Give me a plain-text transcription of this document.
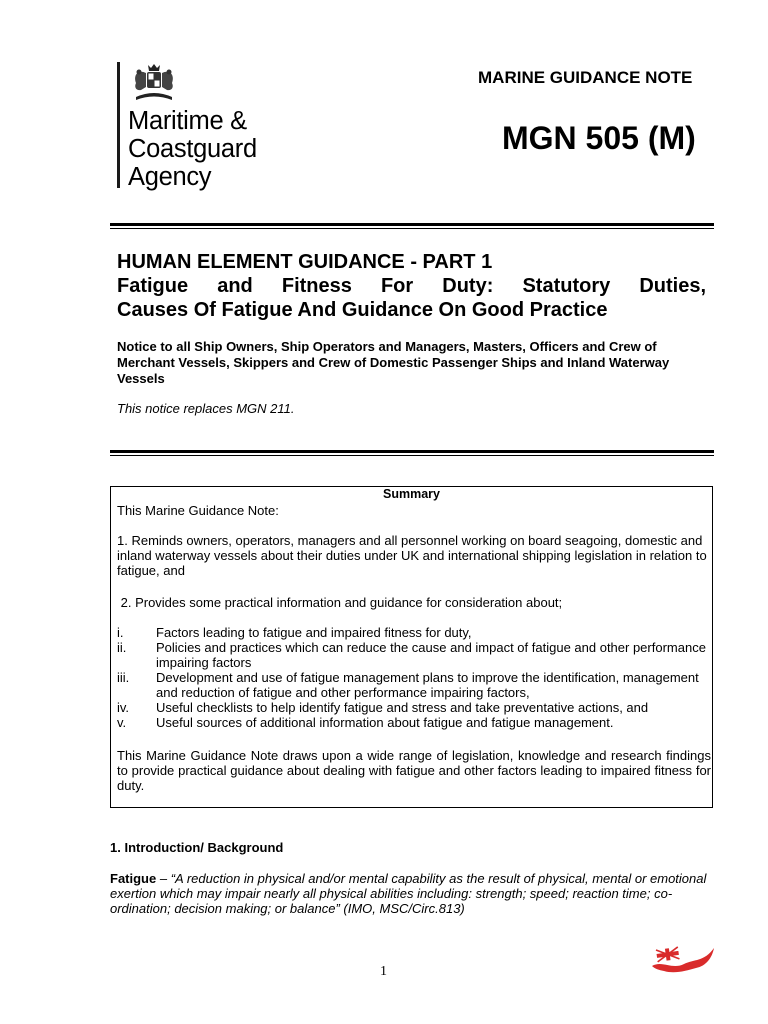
Maritime &
Coastguard
Agency
MARINE GUIDANCE NOTE
MGN 505 (M)
HUMAN ELEMENT GUIDANCE - PART 1
Fatigue and Fitness For Duty: Statutory Duties,
Causes Of Fatigue And Guidance On Good Practice
Notice to all Ship Owners, Ship Operators and Managers, Masters, Officers and Crew of Merchant Vessels, Skippers and Crew of Domestic Passenger Ships and Inland Waterway Vessels
This notice replaces MGN 211.
Summary
This Marine Guidance Note:
1. Reminds owners, operators, managers and all personnel working on board seagoing, domestic and inland waterway vessels about their duties under UK and international shipping legislation in relation to fatigue, and
2. Provides some practical information and guidance for consideration about;
i.	Factors leading to fatigue and impaired fitness for duty,
ii.	Policies and practices which can reduce the cause and impact of fatigue and other performance impairing factors
iii.	Development and use of fatigue management plans to improve the identification, management and reduction of fatigue and other performance impairing factors,
iv.	Useful checklists to help identify fatigue and stress and take preventative actions, and
v.	Useful sources of additional information about fatigue and fatigue management.
This Marine Guidance Note draws upon a wide range of legislation, knowledge and research findings to provide practical guidance about dealing with fatigue and other factors leading to impaired fitness for duty.
1. Introduction/ Background
Fatigue – “A reduction in physical and/or mental capability as the result of physical, mental or emotional exertion which may impair nearly all physical abilities including: strength; speed; reaction time; co-ordination; decision making; or balance” (IMO, MSC/Circ.813)
1
